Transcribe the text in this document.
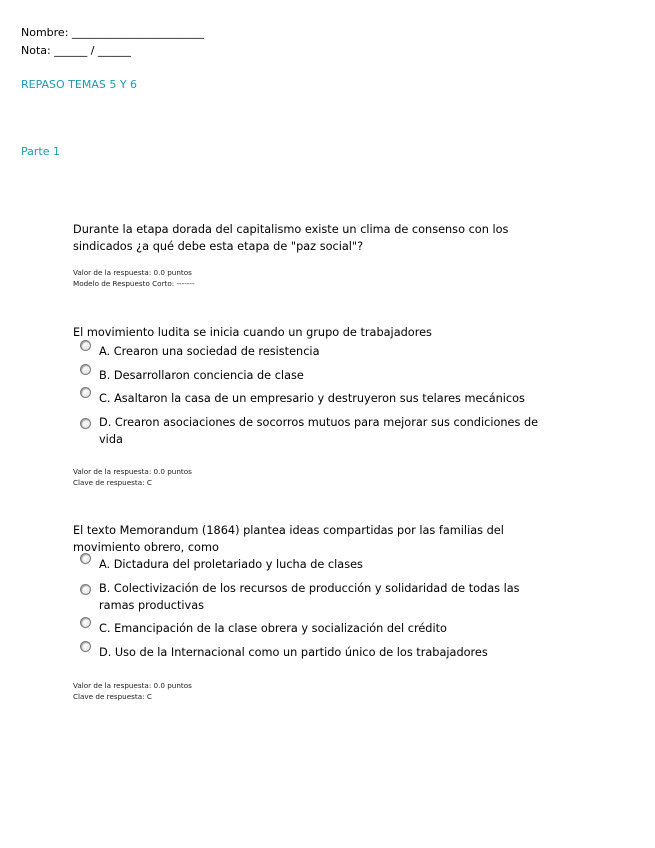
Nombre: ________________________
Nota: ______ / ______
REPASO TEMAS 5 Y 6
Parte 1
Durante la etapa dorada del capitalismo existe un clima de consenso con los sindicados ¿a qué debe esta etapa de "paz social"?
Valor de la respuesta: 0.0 puntos
Modelo de Respuesto Corto: -------
El movimiento ludita se inicia cuando un grupo de trabajadores
A. Crearon una sociedad de resistencia
B. Desarrollaron conciencia de clase
C. Asaltaron la casa de un empresario y destruyeron sus telares mecánicos
D. Crearon asociaciones de socorros mutuos para mejorar sus condiciones de vida
Valor de la respuesta: 0.0 puntos
Clave de respuesta: C
El texto Memorandum (1864) plantea ideas compartidas por las familias del movimiento obrero, como
A. Dictadura del proletariado y lucha de clases
B. Colectivización de los recursos de producción y solidaridad de todas las ramas productivas
C. Emancipación de la clase obrera y socialización del crédito
D. Uso de la Internacional como un partido único de los trabajadores
Valor de la respuesta: 0.0 puntos
Clave de respuesta: C
